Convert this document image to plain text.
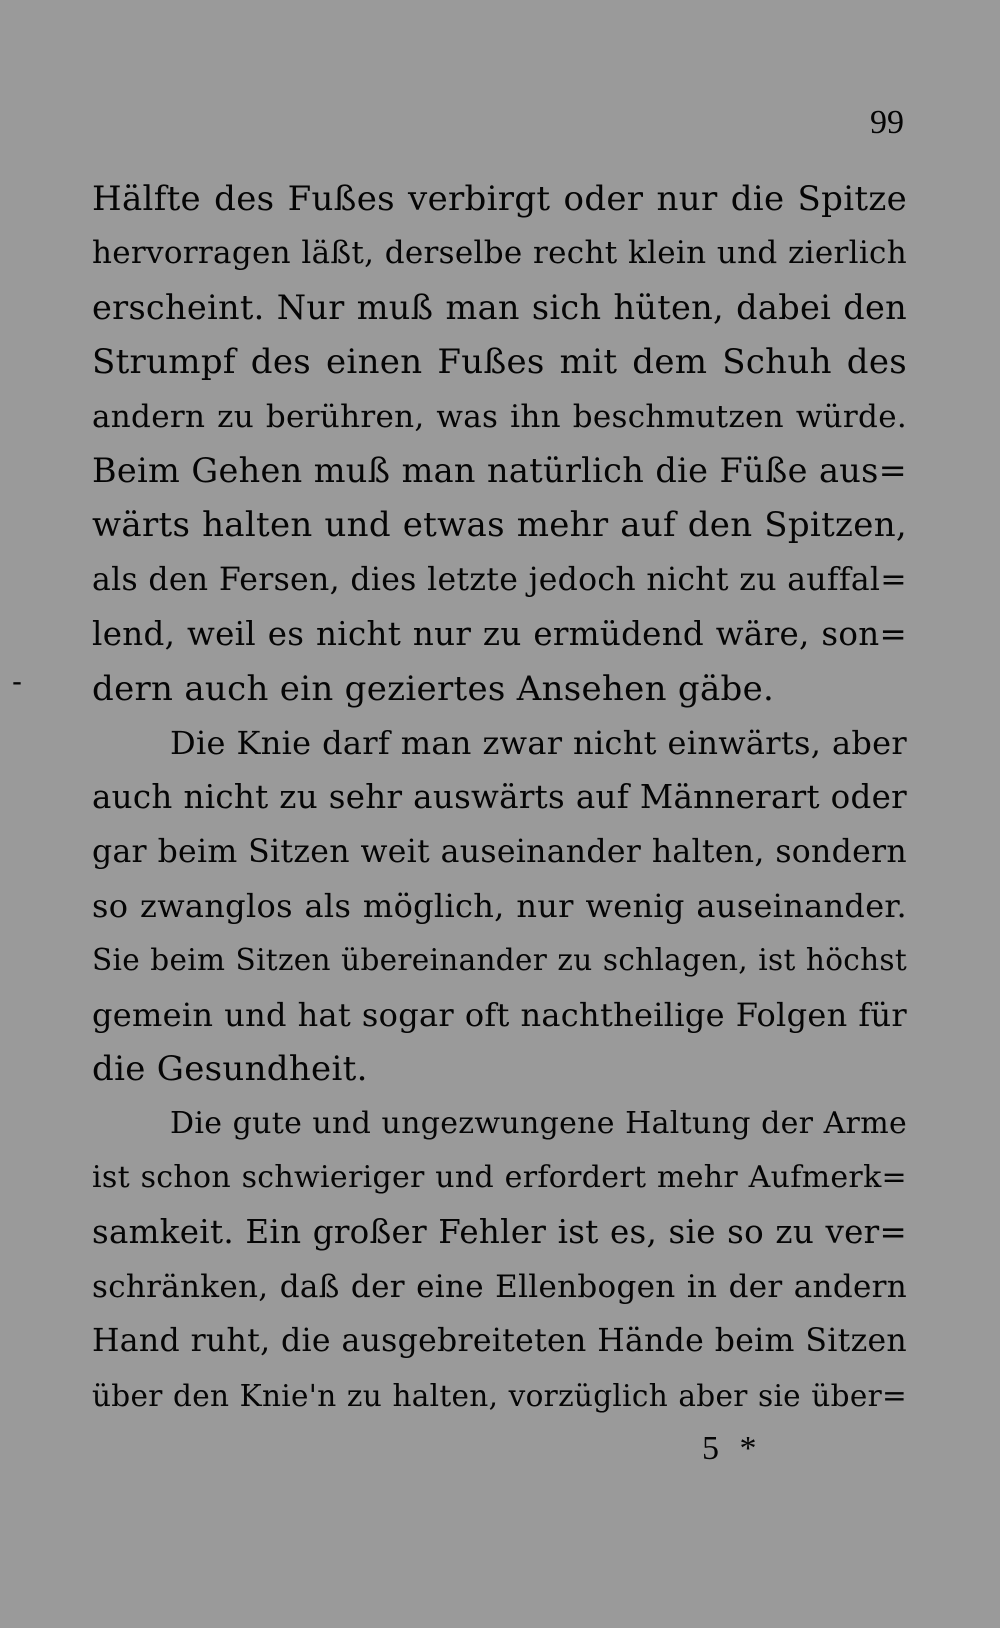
99
-
Hälfte des Fußes verbirgt oder nur die Spitze
hervorragen läßt, derselbe recht klein und zierlich
erscheint. Nur muß man sich hüten, dabei den
Strumpf des einen Fußes mit dem Schuh des
andern zu berühren, was ihn beschmutzen würde.
Beim Gehen muß man natürlich die Füße aus=
wärts halten und etwas mehr auf den Spitzen,
als den Fersen, dies letzte jedoch nicht zu auffal=
lend, weil es nicht nur zu ermüdend wäre, son=
dern auch ein geziertes Ansehen gäbe.
Die Knie darf man zwar nicht einwärts, aber
auch nicht zu sehr auswärts auf Männerart oder
gar beim Sitzen weit auseinander halten, sondern
so zwanglos als möglich, nur wenig auseinander.
Sie beim Sitzen übereinander zu schlagen, ist höchst
gemein und hat sogar oft nachtheilige Folgen für
die Gesundheit.
Die gute und ungezwungene Haltung der Arme
ist schon schwieriger und erfordert mehr Aufmerk=
samkeit. Ein großer Fehler ist es, sie so zu ver=
schränken, daß der eine Ellenbogen in der andern
Hand ruht, die ausgebreiteten Hände beim Sitzen
über den Knie'n zu halten, vorzüglich aber sie über=
5 *
